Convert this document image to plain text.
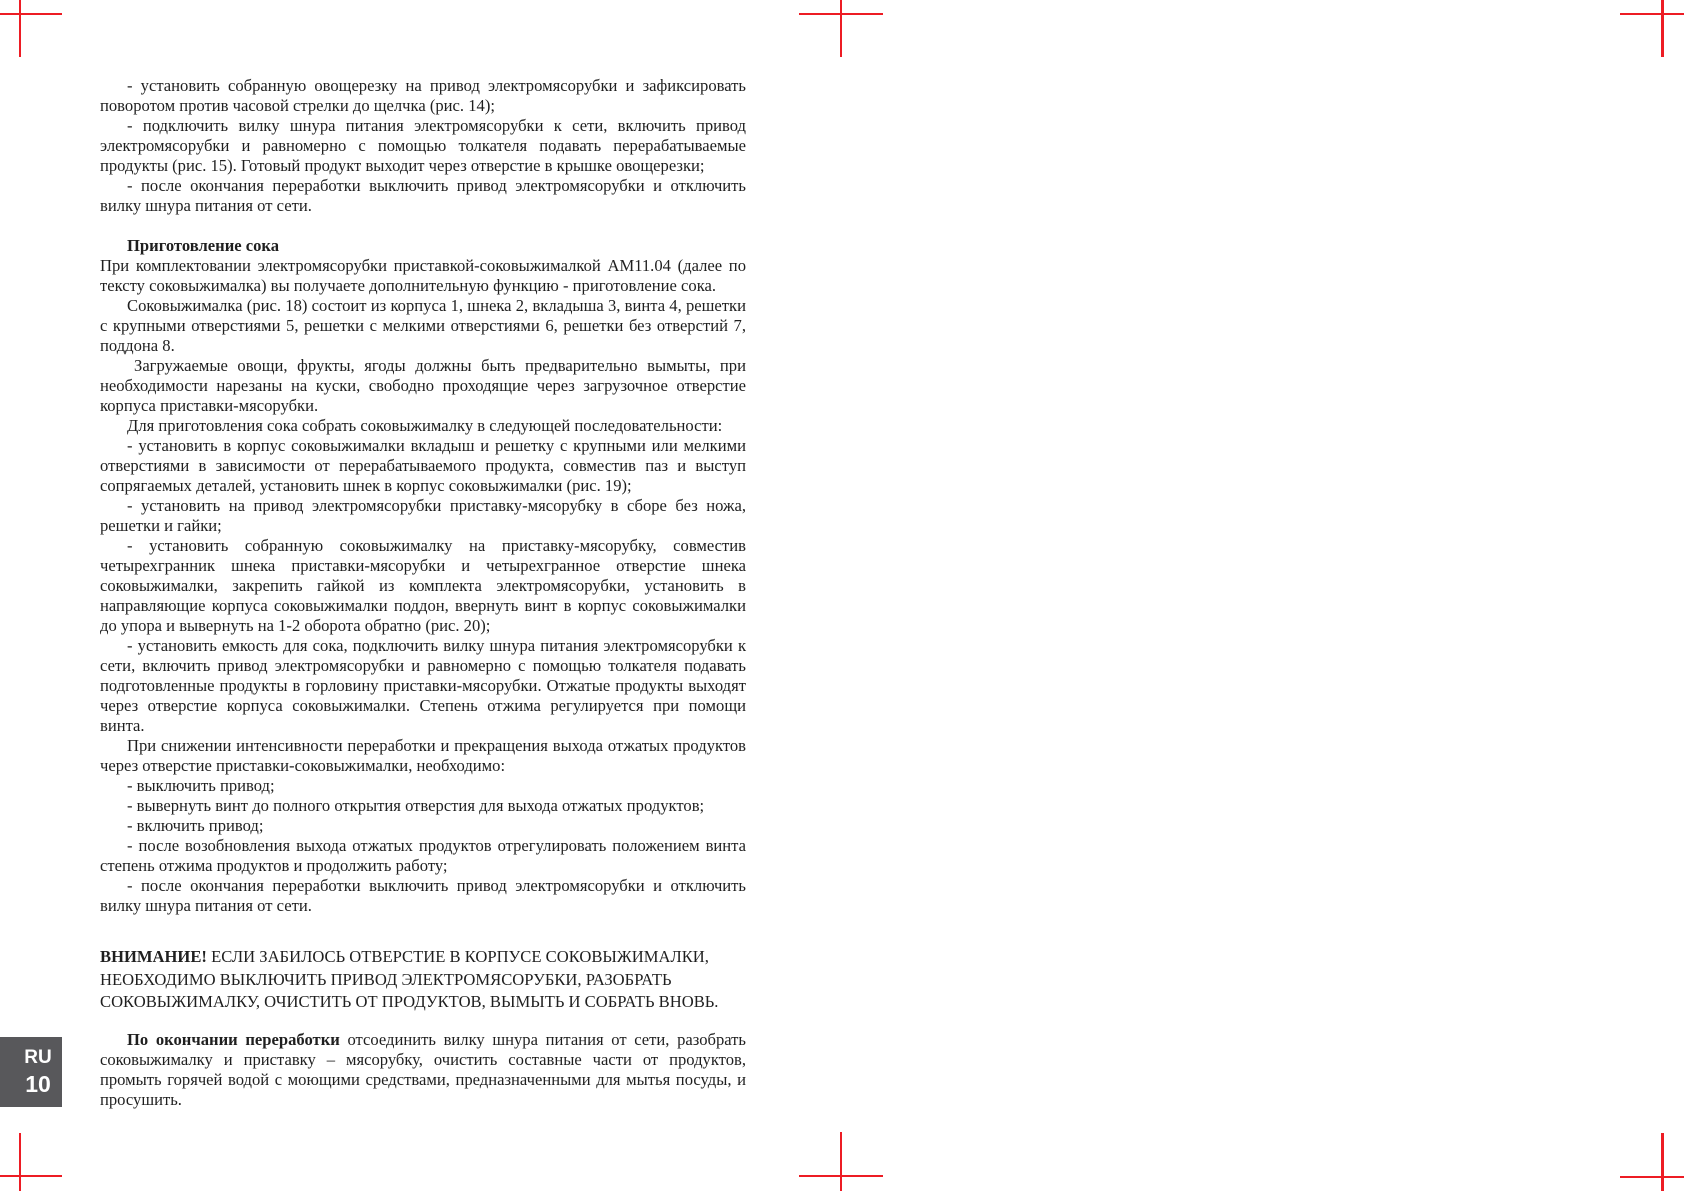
- установить собранную овощерезку на привод электромясорубки и зафиксировать поворотом против часовой стрелки до щелчка (рис. 14);

- подключить вилку шнура питания электромясорубки к сети, включить привод электромясорубки и равномерно с помощью толкателя подавать перерабатываемые продукты (рис. 15). Готовый продукт выходит через отверстие в крышке овощерезки;

- после окончания переработки выключить привод электромясорубки и отключить вилку шнура питания от сети.

Приготовление сока

При комплектовании электромясорубки приставкой-соковыжималкой АМ11.04 (далее по тексту соковыжималка) вы получаете дополнительную функцию - приготовление сока.

Соковыжималка (рис. 18) состоит из корпуса 1, шнека 2, вкладыша 3, винта 4, решетки с крупными отверстиями 5, решетки с мелкими отверстиями 6, решетки без отверстий 7, поддона 8.

Загружаемые овощи, фрукты, ягоды должны быть предварительно вымыты, при необходимости нарезаны на куски, свободно проходящие через загрузочное отверстие корпуса приставки-мясорубки.

Для приготовления сока собрать соковыжималку в следующей последовательности:

- установить в корпус соковыжималки вкладыш и решетку с крупными или мелкими отверстиями в зависимости от перерабатываемого продукта, совместив паз и выступ сопрягаемых деталей, установить шнек в корпус соковыжималки (рис. 19);

- установить на привод электромясорубки приставку-мясорубку в сборе без ножа, решетки и гайки;

- установить собранную соковыжималку на приставку-мясорубку, совместив четырехгранник шнека приставки-мясорубки и четырехгранное отверстие шнека соковыжималки, закрепить гайкой из комплекта электромясорубки, установить в направляющие корпуса соковыжималки поддон, ввернуть винт в корпус соковыжималки до упора и вывернуть на 1-2 оборота обратно (рис. 20);

- установить емкость для сока, подключить вилку шнура питания электромясорубки к сети, включить привод электромясорубки и равномерно с помощью толкателя подавать подготовленные продукты в горловину приставки-мясорубки. Отжатые продукты выходят через отверстие корпуса соковыжималки. Степень отжима регулируется при помощи винта.

При снижении интенсивности переработки и прекращения выхода отжатых продуктов через отверстие приставки-соковыжималки, необходимо:

- выключить привод;

- вывернуть винт до полного открытия отверстия для выхода отжатых продуктов;

- включить привод;

- после возобновления выхода отжатых продуктов отрегулировать положением винта степень отжима продуктов и продолжить работу;

- после окончания переработки выключить привод электромясорубки и отключить вилку шнура питания от сети.

ВНИМАНИЕ! ЕСЛИ ЗАБИЛОСЬ ОТВЕРСТИЕ В КОРПУСЕ СОКОВЫЖИМАЛКИ, НЕОБХОДИМО ВЫКЛЮЧИТЬ ПРИВОД ЭЛЕКТРОМЯСОРУБКИ, РАЗОБРАТЬ СОКОВЫЖИМАЛКУ, ОЧИСТИТЬ ОТ ПРОДУКТОВ, ВЫМЫТЬ И СОБРАТЬ ВНОВЬ.

По окончании переработки отсоединить вилку шнура питания от сети, разобрать соковыжималку и приставку – мясорубку, очистить составные части от продуктов, промыть горячей водой с моющими средствами, предназначенными для мытья посуды, и просушить.

RU
10
